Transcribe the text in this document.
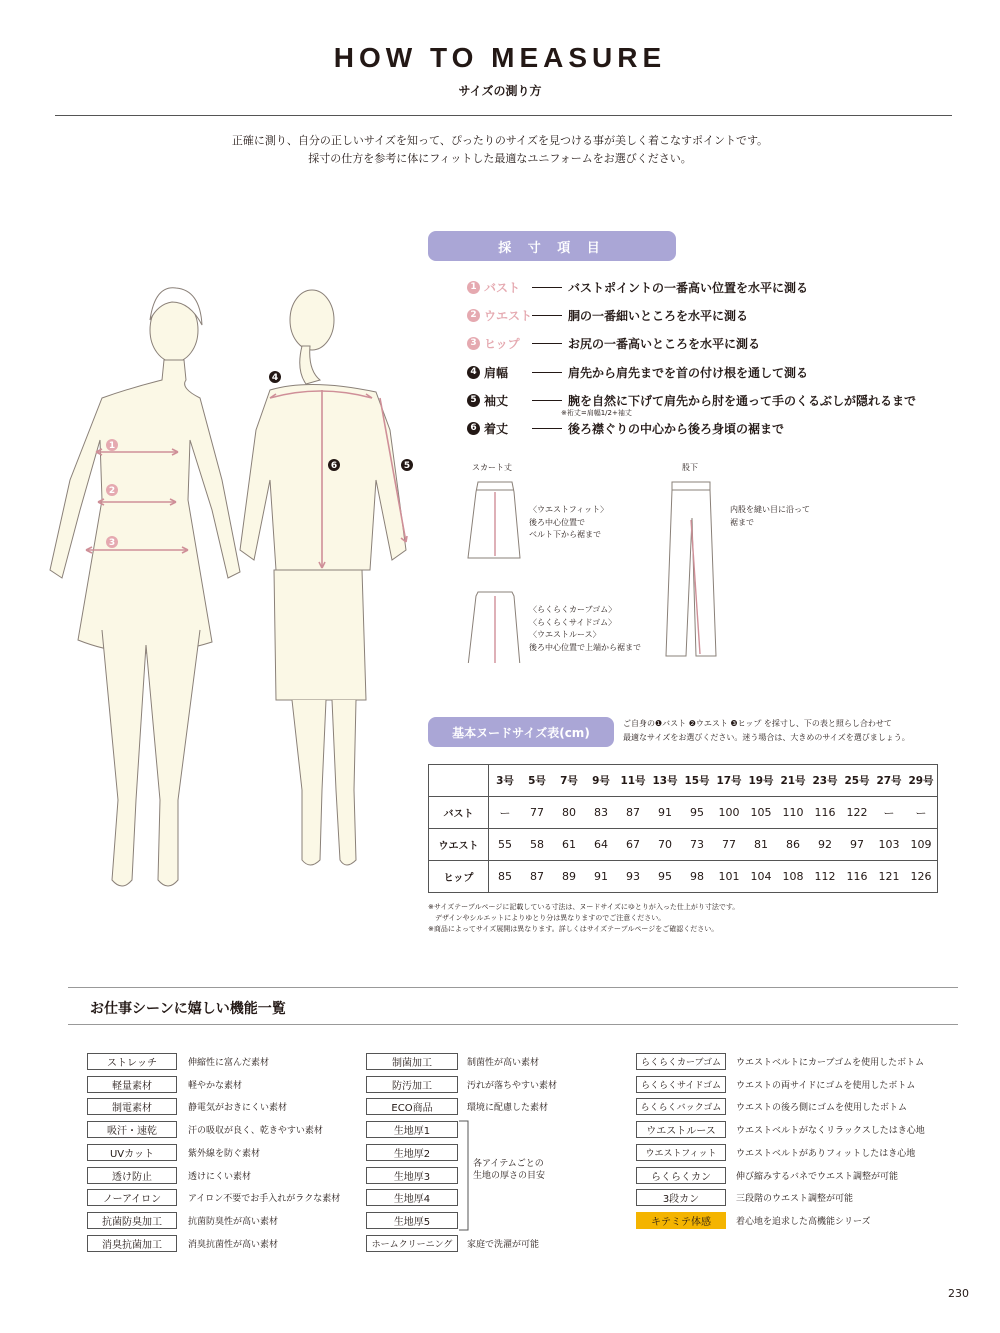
HOW TO MEASURE
サイズの測り方
正確に測り、自分の正しいサイズを知って、ぴったりのサイズを見つける事が美しく着こなすポイントです。
採寸の仕方を参考に体にフィットした最適なユニフォームをお選びください。
1
2
3
4
6	5
採 寸 項 目
1 バスト	バストポイントの一番高い位置を水平に測る
2 ウエスト	胴の一番細いところを水平に測る
3 ヒップ	お尻の一番高いところを水平に測る
4 肩幅	肩先から肩先までを首の付け根を通して測る
5 袖丈	腕を自然に下げて肩先から肘を通って手のくるぶしが隠れるまで
※裄丈=肩幅1/2+袖丈
6 着丈	後ろ襟ぐりの中心から後ろ身頃の裾まで
スカート丈	股下
〈ウエストフィット〉
後ろ中心位置で
ベルト下から裾まで
〈らくらくカーブゴム〉
〈らくらくサイドゴム〉
〈ウエストルース〉
後ろ中心位置で上端から裾まで
内股を縫い目に沿って
裾まで
基本ヌードサイズ表(cm)
ご自身の❶バスト ❷ウエスト ❸ヒップ を採寸し、下の表と照らし合わせて
最適なサイズをお選びください。迷う場合は、大きめのサイズを選びましょう。
	3号	5号	7号	9号	11号	13号	15号	17号	19号	21号	23号	25号	27号	29号
バスト	ー	77	80	83	87	91	95	100	105	110	116	122	ー	ー
ウエスト	55	58	61	64	67	70	73	77	81	86	92	97	103	109
ヒップ	85	87	89	91	93	95	98	101	104	108	112	116	121	126
※サイズテーブルページに記載している寸法は、ヌードサイズにゆとりが入った仕上がり寸法です。
　デザインやシルエットによりゆとり分は異なりますのでご注意ください。
※商品によってサイズ展開は異なります。詳しくはサイズテーブルページをご確認ください。
お仕事シーンに嬉しい機能一覧
ストレッチ	伸縮性に富んだ素材
軽量素材	軽やかな素材
制電素材	静電気がおきにくい素材
吸汗・速乾	汗の吸収が良く、乾きやすい素材
UVカット	紫外線を防ぐ素材
透け防止	透けにくい素材
ノーアイロン	アイロン不要でお手入れがラクな素材
抗菌防臭加工	抗菌防臭性が高い素材
消臭抗菌加工	消臭抗菌性が高い素材
制菌加工	制菌性が高い素材
防汚加工	汚れが落ちやすい素材
ECO商品	環境に配慮した素材
生地厚1
生地厚2
生地厚3
生地厚4
生地厚5
ホームクリーニング	家庭で洗濯が可能
らくらくカーブゴム	ウエストベルトにカーブゴムを使用したボトム
らくらくサイドゴム	ウエストの両サイドにゴムを使用したボトム
らくらくバックゴム	ウエストの後ろ側にゴムを使用したボトム
ウエストルース	ウエストベルトがなくリラックスしたはき心地
ウエストフィット	ウエストベルトがありフィットしたはき心地
らくらくカン	伸び縮みするバネでウエスト調整が可能
3段カン	三段階のウエスト調整が可能
キテミテ体感	着心地を追求した高機能シリーズ
各アイテムごとの
生地の厚さの目安
230
